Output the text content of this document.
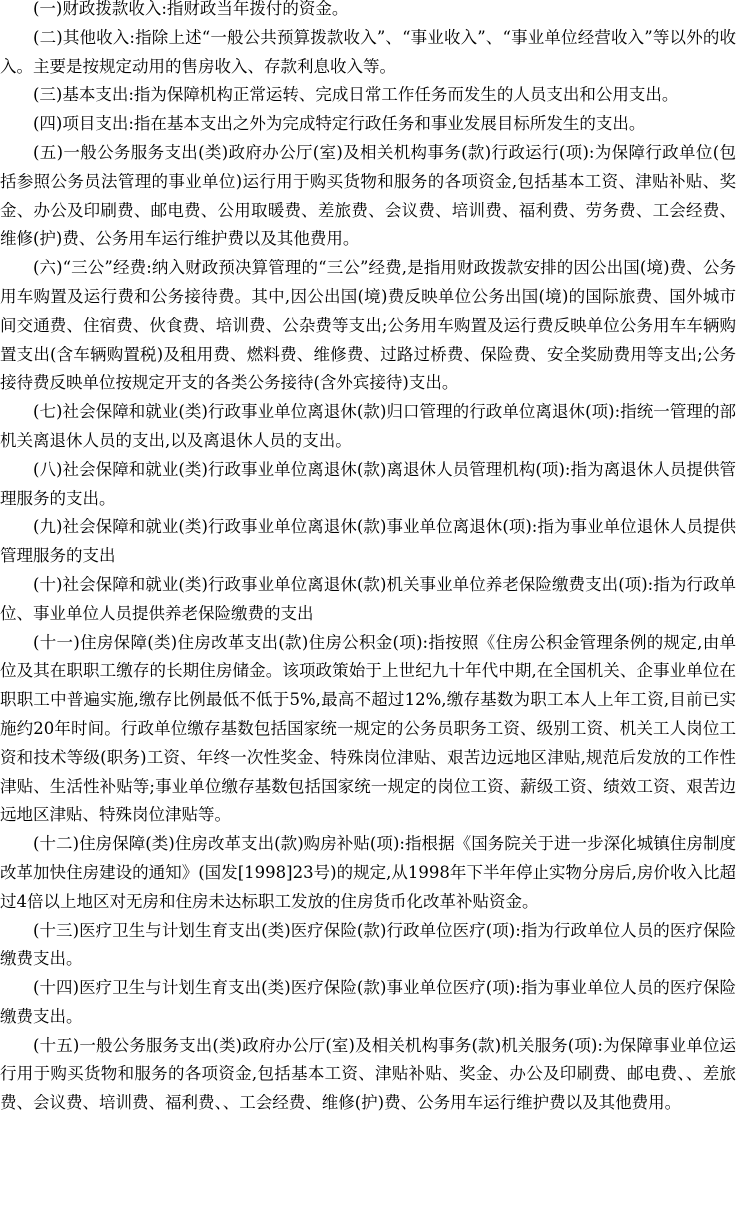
(一)财政拨款收入:指财政当年拨付的资金。

(二)其他收入:指除上述“一般公共预算拨款收入”、“事业收入”、“事业单位经营收入”等以外的收入。主要是按规定动用的售房收入、存款利息收入等。

(三)基本支出:指为保障机构正常运转、完成日常工作任务而发生的人员支出和公用支出。

(四)项目支出:指在基本支出之外为完成特定行政任务和事业发展目标所发生的支出。

(五)一般公务服务支出(类)政府办公厅(室)及相关机构事务(款)行政运行(项):为保障行政单位(包括参照公务员法管理的事业单位)运行用于购买货物和服务的各项资金,包括基本工资、津贴补贴、奖金、办公及印刷费、邮电费、公用取暖费、差旅费、会议费、培训费、福利费、劳务费、工会经费、维修(护)费、公务用车运行维护费以及其他费用。

(六)“三公”经费:纳入财政预决算管理的“三公”经费,是指用财政拨款安排的因公出国(境)费、公务用车购置及运行费和公务接待费。其中,因公出国(境)费反映单位公务出国(境)的国际旅费、国外城市间交通费、住宿费、伙食费、培训费、公杂费等支出;公务用车购置及运行费反映单位公务用车车辆购置支出(含车辆购置税)及租用费、燃料费、维修费、过路过桥费、保险费、安全奖励费用等支出;公务接待费反映单位按规定开支的各类公务接待(含外宾接待)支出。

(七)社会保障和就业(类)行政事业单位离退休(款)归口管理的行政单位离退休(项):指统一管理的部机关离退休人员的支出,以及离退休人员的支出。

(八)社会保障和就业(类)行政事业单位离退休(款)离退休人员管理机构(项):指为离退休人员提供管理服务的支出。

(九)社会保障和就业(类)行政事业单位离退休(款)事业单位离退休(项):指为事业单位退休人员提供管理服务的支出

(十)社会保障和就业(类)行政事业单位离退休(款)机关事业单位养老保险缴费支出(项):指为行政单位、事业单位人员提供养老保险缴费的支出

(十一)住房保障(类)住房改革支出(款)住房公积金(项):指按照《住房公积金管理条例的规定,由单位及其在职职工缴存的长期住房储金。该项政策始于上世纪九十年代中期,在全国机关、企事业单位在职职工中普遍实施,缴存比例最低不低于5%,最高不超过12%,缴存基数为职工本人上年工资,目前已实施约20年时间。行政单位缴存基数包括国家统一规定的公务员职务工资、级别工资、机关工人岗位工资和技术等级(职务)工资、年终一次性奖金、特殊岗位津贴、艰苦边远地区津贴,规范后发放的工作性津贴、生活性补贴等;事业单位缴存基数包括国家统一规定的岗位工资、薪级工资、绩效工资、艰苦边远地区津贴、特殊岗位津贴等。

(十二)住房保障(类)住房改革支出(款)购房补贴(项):指根据《国务院关于进一步深化城镇住房制度改革加快住房建设的通知》(国发[1998]23号)的规定,从1998年下半年停止实物分房后,房价收入比超过4倍以上地区对无房和住房未达标职工发放的住房货币化改革补贴资金。

(十三)医疗卫生与计划生育支出(类)医疗保险(款)行政单位医疗(项):指为行政单位人员的医疗保险缴费支出。

(十四)医疗卫生与计划生育支出(类)医疗保险(款)事业单位医疗(项):指为事业单位人员的医疗保险缴费支出。

(十五)一般公务服务支出(类)政府办公厅(室)及相关机构事务(款)机关服务(项):为保障事业单位运行用于购买货物和服务的各项资金,包括基本工资、津贴补贴、奖金、办公及印刷费、邮电费、、差旅费、会议费、培训费、福利费、、工会经费、维修(护)费、公务用车运行维护费以及其他费用。
